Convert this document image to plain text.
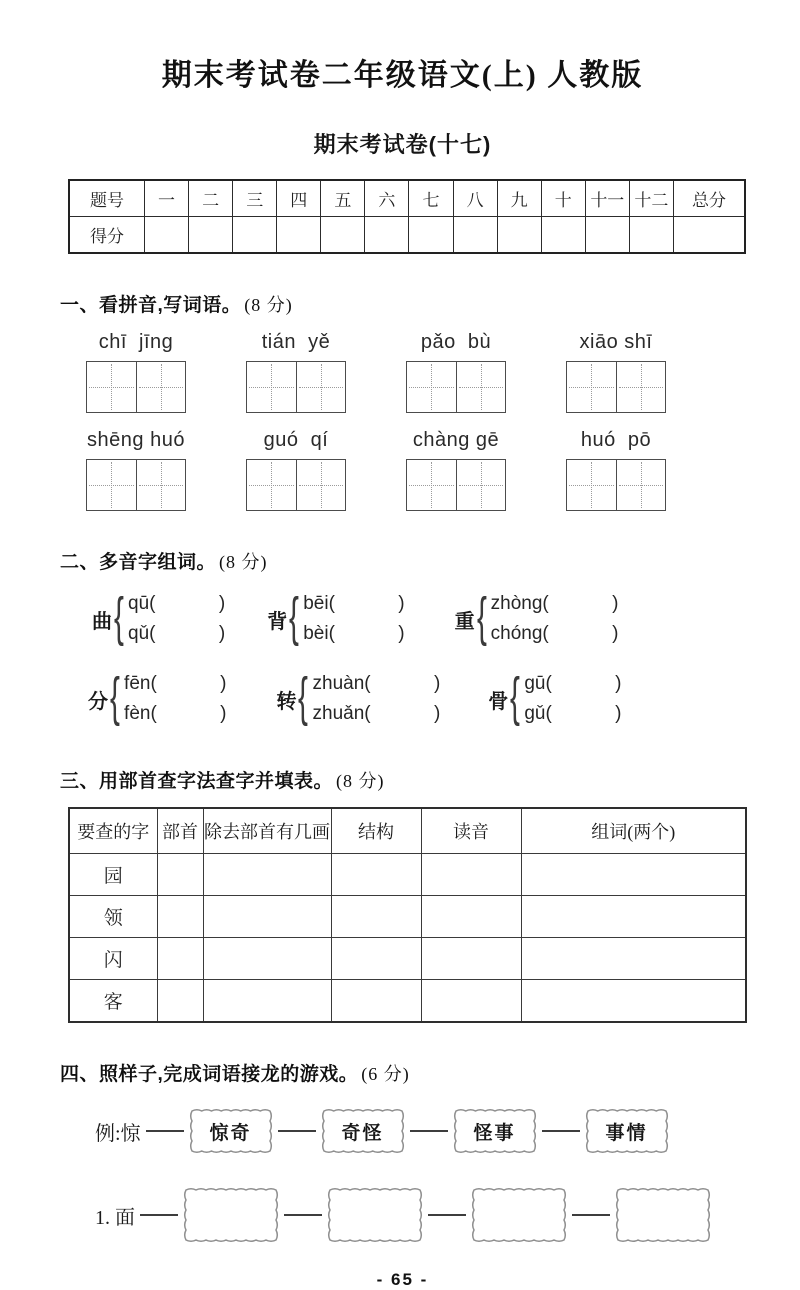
期末考试卷二年级语文(上) 人教版
期末考试卷(十七)
题号	一	二	三	四	五	六	七	八	九	十	十一	十二	总分
得分													
一、看拼音,写词语。 (8 分)
chī  jīng	tián  yě	pǎo  bù	xiāo shī
shēng huó	guó  qí	chàng gē	huó  pō
二、多音字组词。 (8 分)
曲 { qū(            )
qǔ(            )
背 { bēi(            )
bèi(            )
重 { zhòng(            )
chóng(            )
分 { fēn(            )
fèn(            )
转 { zhuàn(            )
zhuǎn(            )
骨 { gū(            )
gǔ(            )
三、用部首查字法查字并填表。 (8 分)
要查的字	部首	除去部首有几画	结构	读音	组词(两个)
园					
领					
闪					
客					
四、照样子,完成词语接龙的游戏。 (6 分)
例:惊	惊奇	奇怪	怪事	事情
1. 面
- 65 -
